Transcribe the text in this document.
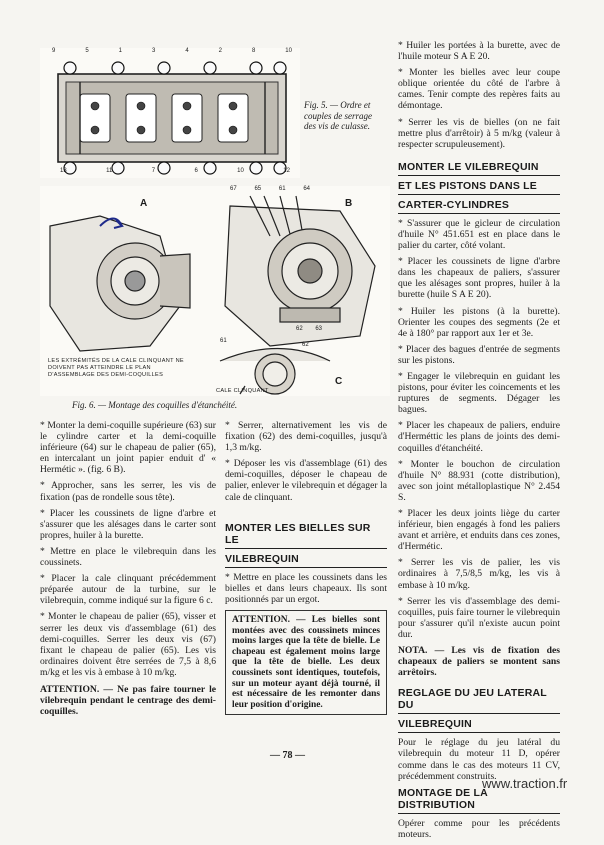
9	5	1	3	4	2	8	10
13	11	7	6	10	12
Fig. 5. — Ordre et couples de serrage des vis de culasse.
A	B
C
67	65	61	64
62 63
61
62
LES EXTRÉMITÉS DE LA CALE CLINQUANT NE DOIVENT PAS ATTEINDRE LE PLAN D'ASSEMBLAGE DES DEMI-COQUILLES
CALE CLINQUANT
Fig. 6. — Montage des coquilles d'étanchéité.

* Huiler les portées à la burette, avec de l'huile moteur S A E 20.

* Monter les bielles avec leur coupe oblique orientée du côté de l'arbre à cames. Tenir compte des repères faits au démontage.

* Serrer les vis de bielles (on ne fait mettre plus d'arrêtoir) à 5 m/kg (valeur à respecter scrupuleusement).

MONTER LE VILEBREQUIN
ET LES PISTONS DANS LE
CARTER-CYLINDRES

* S'assurer que le gicleur de circulation d'huile N° 451.651 est en place dans le palier du carter, côté volant.

* Placer les coussinets de ligne d'arbre dans les chapeaux de paliers, s'assurer que les alésages sont propres, huiler à la burette (huile S A E 20).

* Huiler les pistons (à la burette). Orienter les coupes des segments (2e et 4e à 180° par rapport aux 1er et 3e.

* Placer des bagues d'entrée de segments sur les pistons.

* Engager le vilebrequin en guidant les pistons, pour éviter les coincements et les ruptures de segments. Dégager les bagues.

* Placer les chapeaux de paliers, enduire d'Herméttic les plans de joints des demi-coquilles d'étanchéité.

* Monter le bouchon de circulation d'huile N° 88.931 (cotte distribution), avec son joint métalloplastique N° 2.454 S.

* Placer les deux joints liège du carter inférieur, bien engagés à fond les paliers avant et arrière, et enduits dans ces zones, d'Hermétic.

* Serrer les vis de palier, les vis ordinaires à 7,5/8,5 m/kg, les vis à embase à 10 m/kg.

* Serrer les vis d'assemblage des demi-coquilles, puis faire tourner le vilebrequin pour s'assurer qu'il n'existe aucun point dur.

NOTA. — Les vis de fixation des chapeaux de paliers se montent sans arrêtoirs.

REGLAGE DU JEU LATERAL DU
VILEBREQUIN

Pour le réglage du jeu latéral du vilebrequin du moteur 11 D, opérer comme dans le cas des moteurs 11 CV, précédemment construits.

MONTAGE DE LA DISTRIBUTION

Opérer comme pour les précédents moteurs.

* Monter la demi-coquille supérieure (63) sur le cylindre carter et la demi-coquille inférieure (64) sur le chapeau de palier (65), en intercalant un joint papier enduit d' « Hermétic ». (fig. 6 B).

* Approcher, sans les serrer, les vis de fixation (pas de rondelle sous tête).

* Placer les coussinets de ligne d'arbre et s'assurer que les alésages dans le carter sont propres, huiler à la burette.

* Mettre en place le vilebrequin dans les coussinets.

* Placer la cale clinquant précédemment préparée autour de la turbine, sur le vilebrequin, comme indiqué sur la figure 6 c.

* Monter le chapeau de palier (65), visser et serrer les deux vis d'assemblage (61) des demi-coquilles. Serrer les deux vis (67) fixant le chapeau de palier (65). Les vis ordinaires doivent être serrées de 7,5 à 8,6 m/kg et les vis à embase à 10 m/kg.

ATTENTION. — Ne pas faire tourner le vilebrequin pendant le centrage des demi-coquilles.

* Serrer, alternativement les vis de fixation (62) des demi-coquilles, jusqu'à 1,3 m/kg.

* Déposer les vis d'assemblage (61) des demi-coquilles, déposer le chapeau de palier, enlever le vilebrequin et dégager la cale de clinquant.

MONTER LES BIELLES SUR LE
VILEBREQUIN

* Mettre en place les coussinets dans les bielles et dans leurs chapeaux. Ils sont positionnés par un ergot.

ATTENTION. — Les bielles sont montées avec des coussinets minces moins larges que la tête de bielle. Le chapeau est également moins large que la tête de bielle. Les deux coussinets sont identiques, toutefois, sur un moteur ayant déjà tourné, il est nécessaire de les remonter dans leur position d'origine.
— 78 —
www.traction.fr
